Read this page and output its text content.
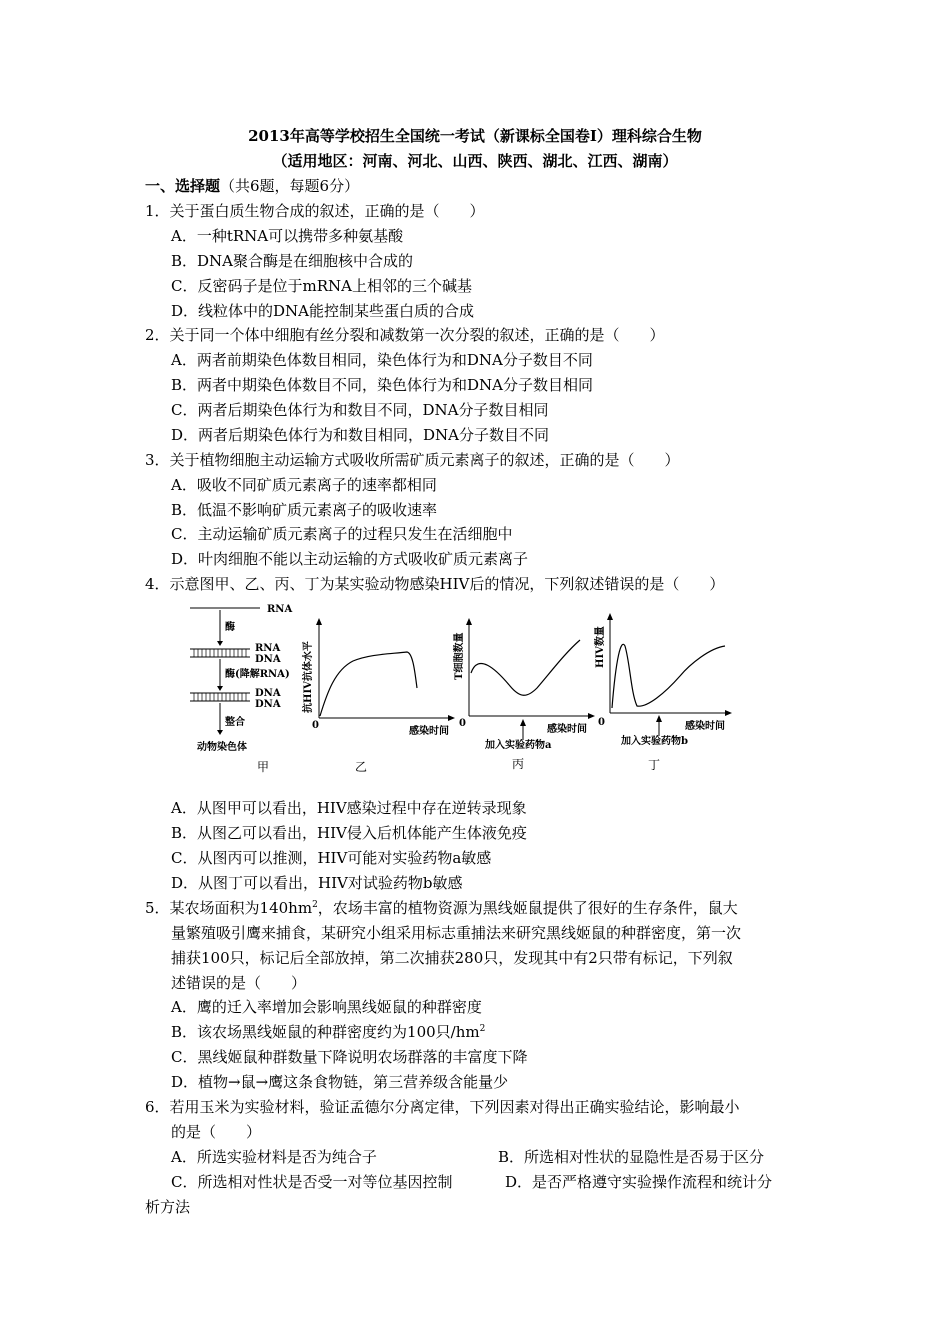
2013年高等学校招生全国统一考试（新课标全国卷Ⅰ）理科综合生物
（适用地区：河南、河北、山西、陕西、湖北、江西、湖南）
一、选择题（共6题，每题6分）
1．关于蛋白质生物合成的叙述，正确的是（　　）
A．一种tRNA可以携带多种氨基酸
B．DNA聚合酶是在细胞核中合成的
C．反密码子是位于mRNA上相邻的三个碱基
D．线粒体中的DNA能控制某些蛋白质的合成
2．关于同一个体中细胞有丝分裂和减数第一次分裂的叙述，正确的是（　　）
A．两者前期染色体数目相同，染色体行为和DNA分子数目不同
B．两者中期染色体数目不同，染色体行为和DNA分子数目相同
C．两者后期染色体行为和数目不同，DNA分子数目相同
D．两者后期染色体行为和数目相同，DNA分子数目不同
3．关于植物细胞主动运输方式吸收所需矿质元素离子的叙述，正确的是（　　）
A．吸收不同矿质元素离子的速率都相同
B．低温不影响矿质元素离子的吸收速率
C．主动运输矿质元素离子的过程只发生在活细胞中
D．叶肉细胞不能以主动运输的方式吸收矿质元素离子
4．示意图甲、乙、丙、丁为某实验动物感染HIV后的情况，下列叙述错误的是（　　）
RNA
酶
RNA
DNA
酶(降解RNA)
DNA
DNA
整合
动物染色体
甲
抗HIV抗体水平
0
感染时间
乙
T细胞数量
0
感染时间
加入实验药物a
丙
HIV数量
0	感染时间
加入实验药物b
丁
A．从图甲可以看出，HIV感染过程中存在逆转录现象
B．从图乙可以看出，HIV侵入后机体能产生体液免疫
C．从图丙可以推测，HIV可能对实验药物a敏感
D．从图丁可以看出，HIV对试验药物b敏感
5．某农场面积为$140hm^2$，农场丰富的植物资源为黑线姬鼠提供了很好的生存条件，鼠大
量繁殖吸引鹰来捕食，某研究小组采用标志重捕法来研究黑线姬鼠的种群密度，第一次
捕获100只，标记后全部放掉，第二次捕获280只，发现其中有2只带有标记，下列叙
述错误的是（　　）
A．鹰的迁入率增加会影响黑线姬鼠的种群密度
B．该农场黑线姬鼠的种群密度约为100只$/hm^2$
C．黑线姬鼠种群数量下降说明农场群落的丰富度下降
D．植物→鼠→鹰这条食物链，第三营养级含能量少
6．若用玉米为实验材料，验证孟德尔分离定律，下列因素对得出正确实验结论，影响最小
的是（　　）
A．所选实验材料是否为纯合子	B．所选相对性状的显隐性是否易于区分
C．所选相对性状是否受一对等位基因控制	D．是否严格遵守实验操作流程和统计分
析方法
